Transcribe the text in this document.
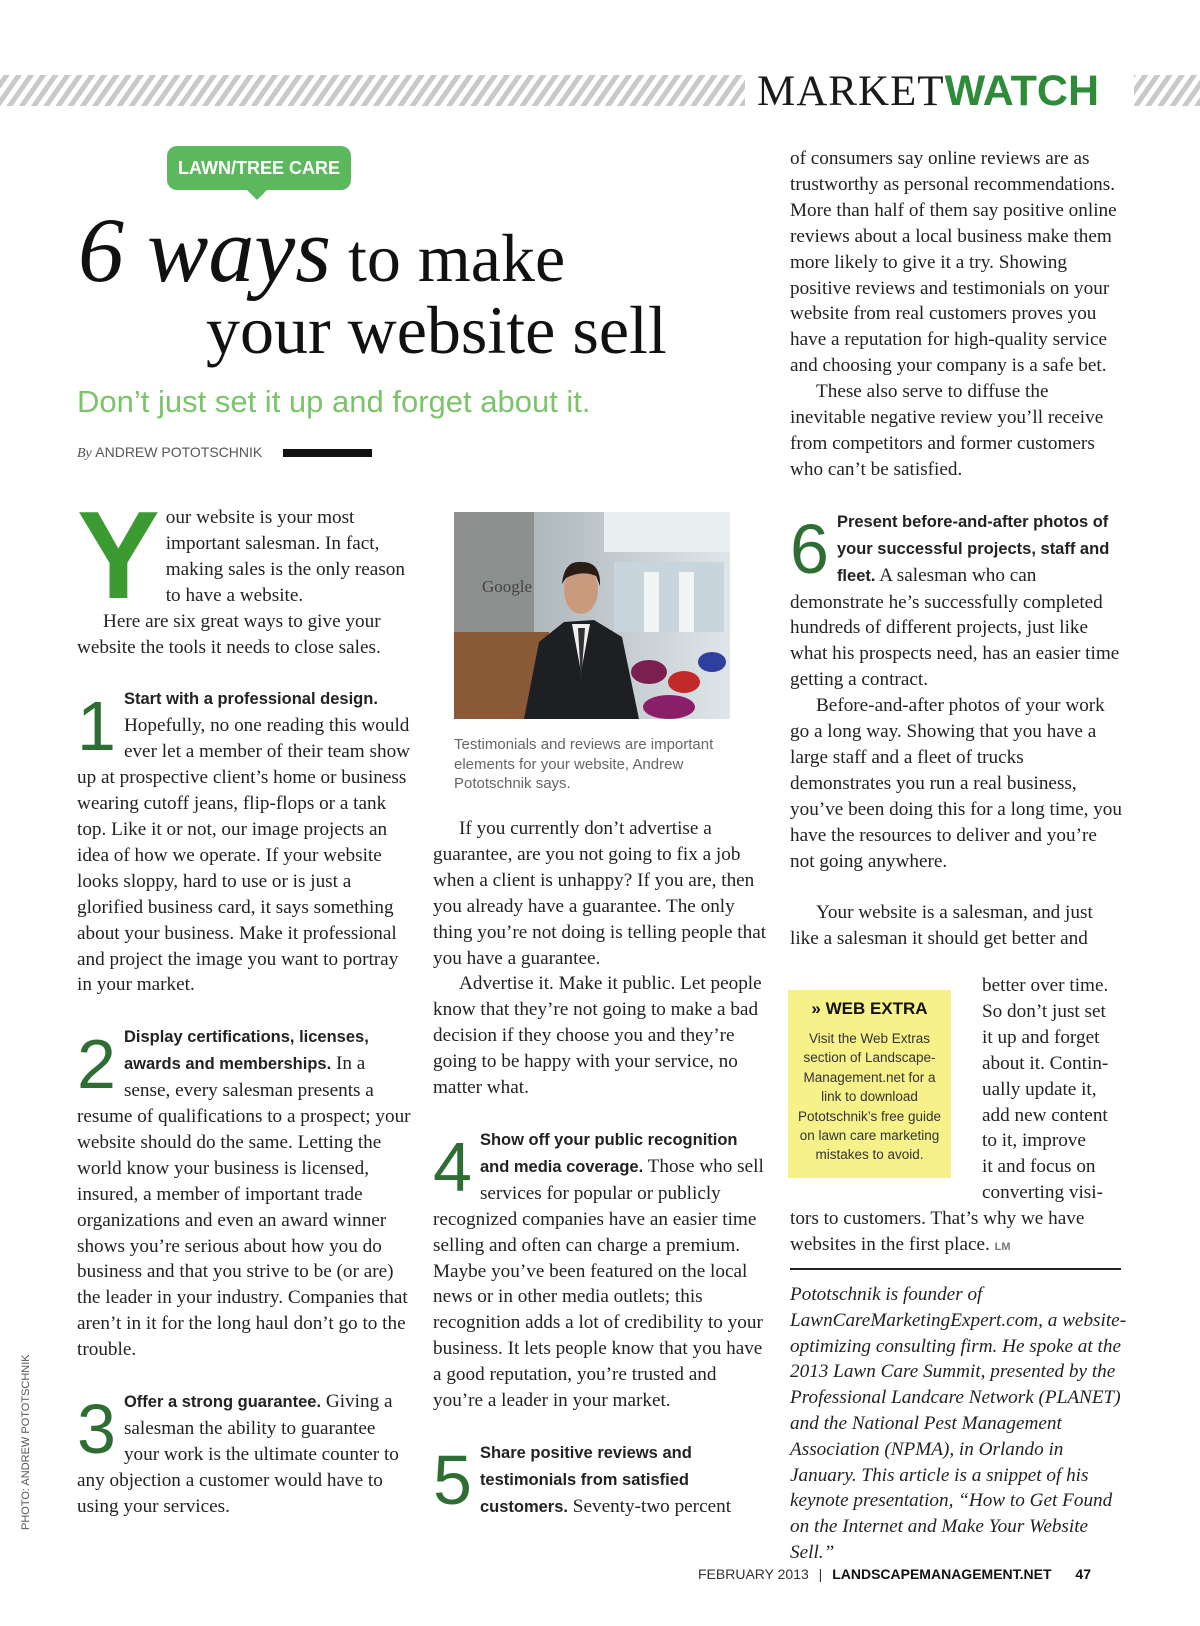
MARKETWATCH
LAWN/TREE CARE
6 ways to make
your website sell
Don’t just set it up and forget about it.
By ANDREW POTOTSCHNIK
Y our website is your most important salesman. In fact, making sales is the only reason to have a website.

Here are six great ways to give your website the tools it needs to close sales.

1 Start with a professional design. Hopefully, no one reading this would ever let a member of their team show up at prospective client’s home or business wearing cutoff jeans, flip-flops or a tank top. Like it or not, our image projects an idea of how we operate. If your website looks sloppy, hard to use or is just a glorified business card, it says something about your business. Make it professional and project the image you want to portray in your market.

2 Display certifications, licenses, awards and memberships. In a sense, every salesman presents a resume of qualifications to a prospect; your website should do the same. Letting the world know your business is licensed, insured, a member of important trade organizations and even an award winner shows you’re serious about how you do business and that you strive to be (or are) the leader in your industry. Companies that aren’t in it for the long haul don’t go to the trouble.

3 Offer a strong guarantee. Giving a salesman the ability to guarantee your work is the ultimate counter to any objection a customer would have to using your services.

Google
Testimonials and reviews are important elements for your website, Andrew Pototschnik says.

If you currently don’t advertise a guarantee, are you not going to fix a job when a client is unhappy? If you are, then you already have a guarantee. The only thing you’re not doing is telling people that you have a guarantee.

Advertise it. Make it public. Let people know that they’re not going to make a bad decision if they choose you and they’re going to be happy with your service, no matter what.

4 Show off your public recognition and media coverage. Those who sell services for popular or publicly recognized companies have an easier time selling and often can charge a premium. Maybe you’ve been featured on the local news or in other media outlets; this recognition adds a lot of credibility to your business. It lets people know that you have a good reputation, you’re trusted and you’re a leader in your market.

5 Share positive reviews and testimonials from satisfied customers. Seventy-two percent

of consumers say online reviews are as trustworthy as personal recommendations. More than half of them say positive online reviews about a local business make them more likely to give it a try. Showing positive reviews and testimonials on your website from real customers proves you have a reputation for high-quality service and choosing your company is a safe bet.

These also serve to diffuse the inevitable negative review you’ll receive from competitors and former customers who can’t be satisfied.

6 Present before-and-after photos of your successful projects, staff and fleet. A salesman who can demonstrate he’s successfully completed hundreds of different projects, just like what his prospects need, has an easier time getting a contract.

Before-and-after photos of your work go a long way. Showing that you have a large staff and a fleet of trucks demonstrates you run a real business, you’ve been doing this for a long time, you have the resources to deliver and you’re not going anywhere.

Your website is a salesman, and just like a salesman it should get better and

better over time.
So don’t just set
it up and forget
about it. Contin-
ually update it,
add new content
to it, improve
it and focus on
converting visi-
tors to customers. That’s why we have websites in the first place. LM
» WEB EXTRA
Visit the Web Extras section of Landscape-Management.net for a link to download Pototschnik’s free guide on lawn care marketing mistakes to avoid.
Pototschnik is founder of LawnCareMarketingExpert.com, a website-optimizing consulting firm. He spoke at the 2013 Lawn Care Summit, presented by the Professional Landcare Network (PLANET) and the National Pest Management Association (NPMA), in Orlando in January. This article is a snippet of his keynote presentation, “How to Get Found on the Internet and Make Your Website Sell.”
FEBRUARY 2013 | LANDSCAPEMANAGEMENT.NET 47
PHOTO: ANDREW POTOTSCHNIK
